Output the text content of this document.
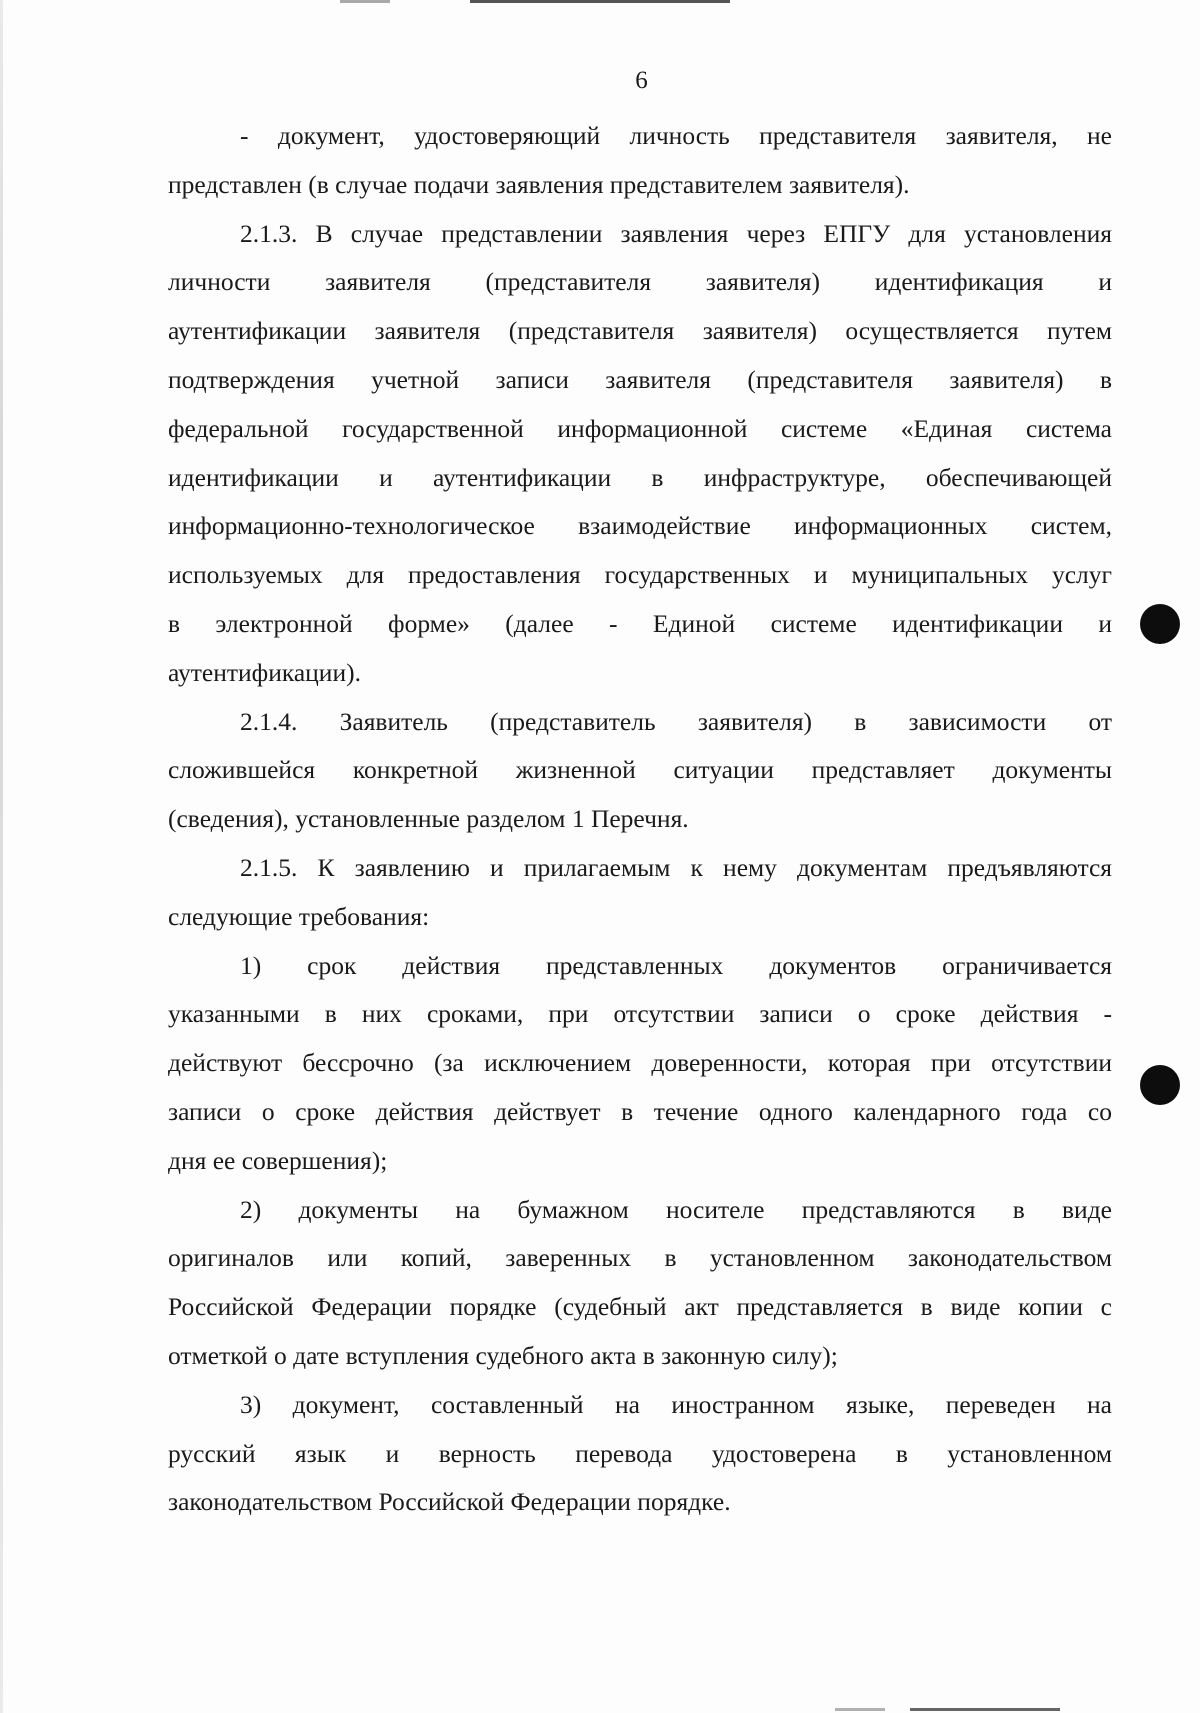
6

- документ, удостоверяющий личность представителя заявителя, не
представлен (в случае подачи заявления представителем заявителя).

2.1.3. В случае представлении заявления через ЕПГУ для установления
личности заявителя (представителя заявителя) идентификация и
аутентификации заявителя (представителя заявителя) осуществляется путем
подтверждения учетной записи заявителя (представителя заявителя) в
федеральной государственной информационной системе «Единая система
идентификации и аутентификации в инфраструктуре, обеспечивающей
информационно-технологическое взаимодействие информационных систем,
используемых для предоставления государственных и муниципальных услуг
в электронной форме» (далее - Единой системе идентификации и
аутентификации).

2.1.4. Заявитель (представитель заявителя) в зависимости от
сложившейся конкретной жизненной ситуации представляет документы
(сведения), установленные разделом 1 Перечня.

2.1.5. К заявлению и прилагаемым к нему документам предъявляются
следующие требования:

1) срок действия представленных документов ограничивается
указанными в них сроками, при отсутствии записи о сроке действия -
действуют бессрочно (за исключением доверенности, которая при отсутствии
записи о сроке действия действует в течение одного календарного года со
дня ее совершения);

2) документы на бумажном носителе представляются в виде
оригиналов или копий, заверенных в установленном законодательством
Российской Федерации порядке (судебный акт представляется в виде копии с
отметкой о дате вступления судебного акта в законную силу);

3) документ, составленный на иностранном языке, переведен на
русский язык и верность перевода удостоверена в установленном
законодательством Российской Федерации порядке.
